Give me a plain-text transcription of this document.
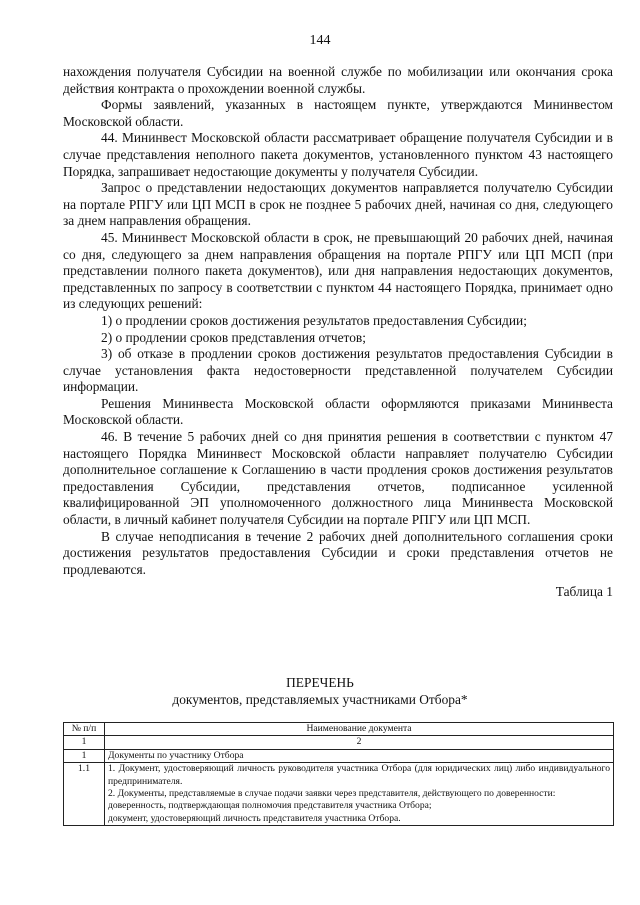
144

нахождения получателя Субсидии на военной службе по мобилизации или окончания срока действия контракта о прохождении военной службы.

Формы заявлений, указанных в настоящем пункте, утверждаются Мининвестом Московской области.

44. Мининвест Московской области рассматривает обращение получателя Субсидии и в случае представления неполного пакета документов, установленного пунктом 43 настоящего Порядка, запрашивает недостающие документы у получателя Субсидии.

Запрос о представлении недостающих документов направляется получателю Субсидии на портале РПГУ или ЦП МСП в срок не позднее 5 рабочих дней, начиная со дня, следующего за днем направления обращения.

45. Мининвест Московской области в срок, не превышающий 20 рабочих дней, начиная со дня, следующего за днем направления обращения на портале РПГУ или ЦП МСП (при представлении полного пакета документов), или дня направления недостающих документов, представленных по запросу в соответствии с пунктом 44 настоящего Порядка, принимает одно из следующих решений:

1) о продлении сроков достижения результатов предоставления Субсидии;

2) о продлении сроков представления отчетов;

3) об отказе в продлении сроков достижения результатов предоставления Субсидии в случае установления факта недостоверности представленной получателем Субсидии информации.

Решения Мининвеста Московской области оформляются приказами Мининвеста Московской области.

46. В течение 5 рабочих дней со дня принятия решения в соответствии с пунктом 47 настоящего Порядка Мининвест Московской области направляет получателю Субсидии дополнительное соглашение к Соглашению в части продления сроков достижения результатов предоставления Субсидии, представления отчетов, подписанное усиленной квалифицированной ЭП уполномоченного должностного лица Мининвеста Московской области, в личный кабинет получателя Субсидии на портале РПГУ или ЦП МСП.

В случае неподписания в течение 2 рабочих дней дополнительного соглашения сроки достижения результатов предоставления Субсидии и сроки представления отчетов не продлеваются.

Таблица 1

ПЕРЕЧЕНЬ
документов, представляемых участниками Отбора*
№ п/п	Наименование документа
1	2
1	Документы по участнику Отбора
1.1	1. Документ, удостоверяющий личность руководителя участника Отбора (для юридических лиц) либо индивидуального предпринимателя.
2. Документы, представляемые в случае подачи заявки через представителя, действующего по доверенности:
доверенность, подтверждающая полномочия представителя участника Отбора;
документ, удостоверяющий личность представителя участника Отбора.
